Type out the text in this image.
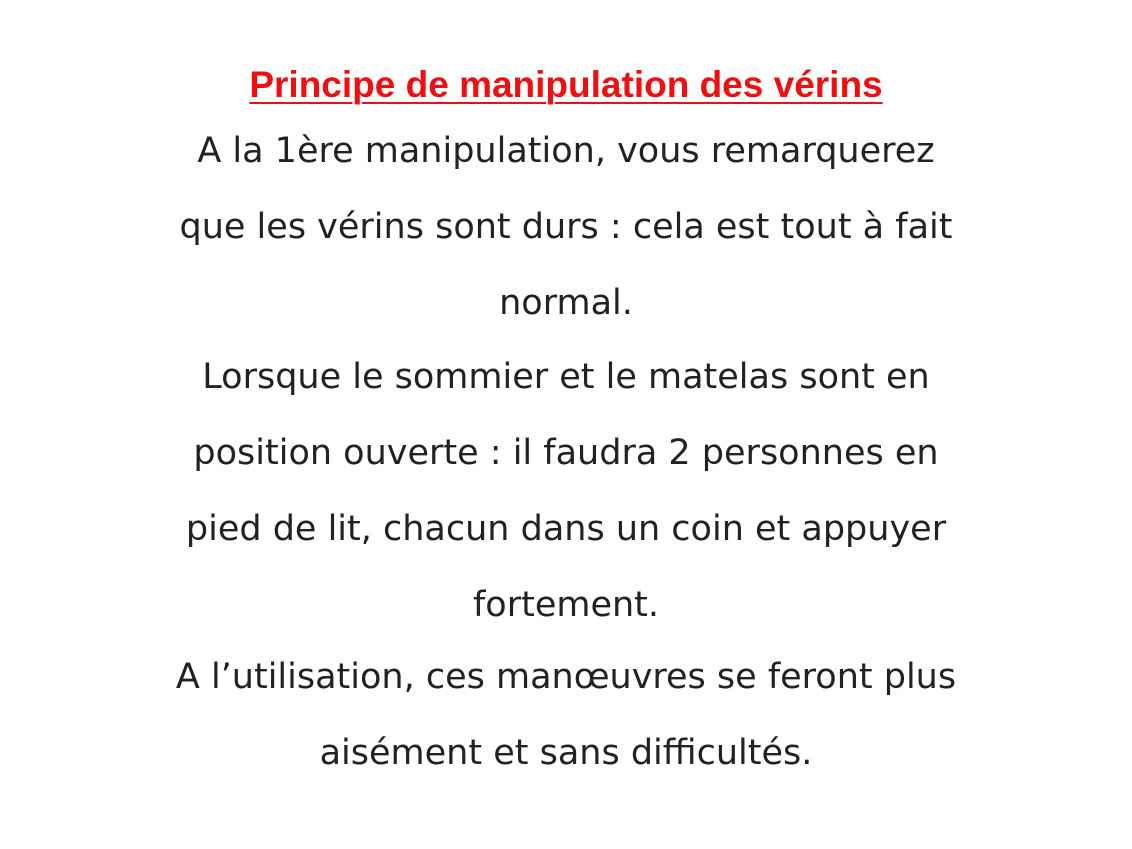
Principe de manipulation des vérins
A la 1ère manipulation, vous remarquerez
que les vérins sont durs : cela est tout à fait
normal.
Lorsque le sommier et le matelas sont en
position ouverte : il faudra 2 personnes en
pied de lit, chacun dans un coin et appuyer
fortement.
A l’utilisation, ces manœuvres se feront plus
aisément et sans difficultés.
